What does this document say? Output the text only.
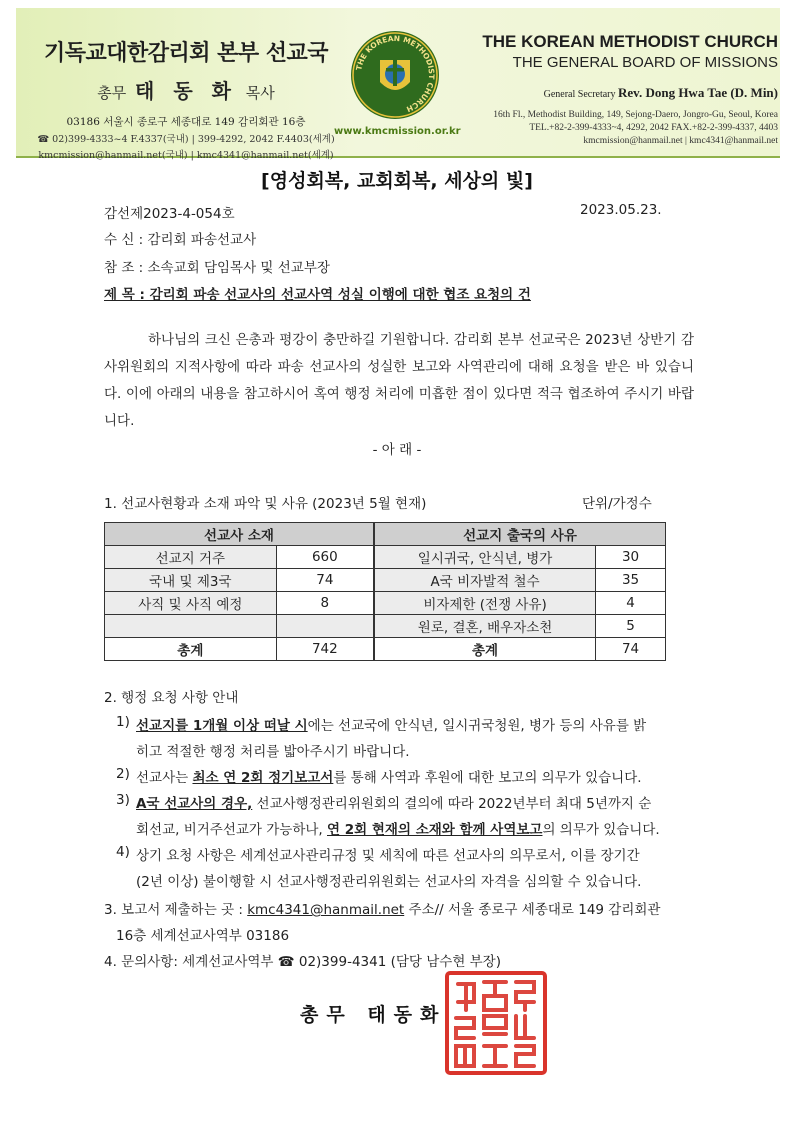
기독교대한감리회 본부 선교국
총무 태 동 화 목사
03186 서울시 종로구 세종대로 149 감리회관 16층
☎ 02)399-4333~4 F.4337(국내) | 399-4292, 2042 F.4403(세계)
kmcmission@hanmail.net(국내) | kmc4341@hanmail.net(세계)
THE KOREAN METHODIST CHURCH
www.kmcmission.or.kr
THE KOREAN METHODIST CHURCH
THE GENERAL BOARD OF MISSIONS
General Secretary Rev. Dong Hwa Tae (D. Min)
16th Fl., Methodist Building, 149, Sejong-Daero, Jongro-Gu, Seoul, Korea
TEL.+82-2-399-4333~4, 4292, 2042 FAX.+82-2-399-4337, 4403
kmcmission@hanmail.net | kmc4341@hanmail.net
[영성회복, 교회회복, 세상의 빛]
감선제2023-4-054호	2023.05.23.
수 신 : 감리회 파송선교사
참 조 : 소속교회 담임목사 및 선교부장
제 목 : 감리회 파송 선교사의 선교사역 성실 이행에 대한 협조 요청의 건
하나님의 크신 은총과 평강이 충만하길 기원합니다. 감리회 본부 선교국은 2023년 상반기 감사위원회의 지적사항에 따라 파송 선교사의 성실한 보고와 사역관리에 대해 요청을 받은 바 있습니다. 이에 아래의 내용을 참고하시어 혹여 행정 처리에 미흡한 점이 있다면 적극 협조하여 주시기 바랍니다.
- 아 래 -
1. 선교사현황과 소재 파악 및 사유 (2023년 5월 현재)	단위/가정수
선교사 소재		선교지 출국의 사유	
선교지 거주	660	일시귀국, 안식년, 병가	30
국내 및 제3국	74	A국 비자발적 철수	35
사직 및 사직 예정	8	비자제한 (전쟁 사유)	4
		원로, 결혼, 배우자소천	5
총계	742	총계	74
2. 행정 요청 사항 안내
1) 선교지를 1개월 이상 떠날 시에는 선교국에 안식년, 일시귀국청원, 병가 등의 사유를 밝
히고 적절한 행정 처리를 밟아주시기 바랍니다.
2) 선교사는 최소 연 2회 정기보고서를 통해 사역과 후원에 대한 보고의 의무가 있습니다.
3) A국 선교사의 경우, 선교사행정관리위원회의 결의에 따라 2022년부터 최대 5년까지 순
회선교, 비거주선교가 가능하나, 연 2회 현재의 소재와 함께 사역보고의 의무가 있습니다.
4) 상기 요청 사항은 세계선교사관리규정 및 세칙에 따른 선교사의 의무로서, 이를 장기간
(2년 이상) 불이행할 시 선교사행정관리위원회는 선교사의 자격을 심의할 수 있습니다.
3. 보고서 제출하는 곳 : kmc4341@hanmail.net 주소// 서울 종로구 세종대로 149 감리회관
16층 세계선교사역부 03186
4. 문의사항: 세계선교사역부 ☎ 02)399-4341 (담당 남수현 부장)
총무 태동화
